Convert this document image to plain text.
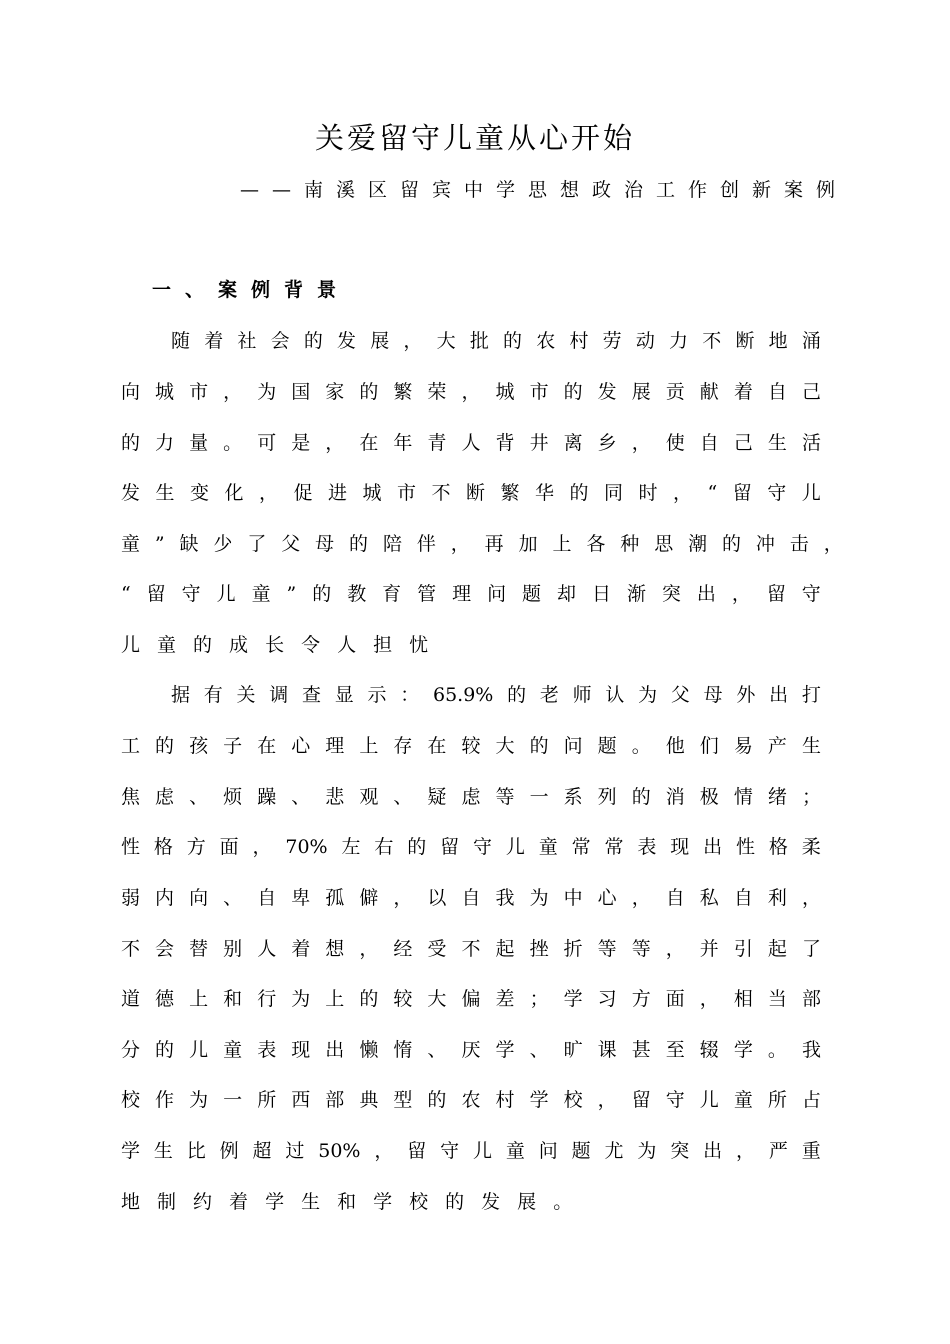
关爱留守儿童从心开始
——南溪区留宾中学思想政治工作创新案例
一、案例背景
随 着 社 会 的 发 展 ， 大 批 的 农 村 劳 动 力 不 断 地 涌
向 城 市 ， 为 国 家 的 繁 荣 ， 城 市 的 发 展 贡 献 着 自 己
的 力 量 。 可 是 ， 在 年 青 人 背 井 离 乡 ， 使 自 己 生 活
发 生 变 化 ， 促 进 城 市 不 断 繁 华 的 同 时 ， “ 留 守 儿
童 ” 缺 少 了 父 母 的 陪 伴 ， 再 加 上 各 种 思 潮 的 冲 击 ，
“ 留 守 儿 童 ” 的 教 育 管 理 问 题 却 日 渐 突 出 ， 留 守
儿 童 的 成 长 令 人 担 忧
据 有 关 调 查 显 示 ： 65.9% 的 老 师 认 为 父 母 外 出 打
工 的 孩 子 在 心 理 上 存 在 较 大 的 问 题 。 他 们 易 产 生
焦 虑 、 烦 躁 、 悲 观 、 疑 虑 等 一 系 列 的 消 极 情 绪 ；
性 格 方 面 ， 70% 左 右 的 留 守 儿 童 常 常 表 现 出 性 格 柔
弱 内 向 、 自 卑 孤 僻 ， 以 自 我 为 中 心 ， 自 私 自 利 ，
不 会 替 别 人 着 想 ， 经 受 不 起 挫 折 等 等 ， 并 引 起 了
道 德 上 和 行 为 上 的 较 大 偏 差 ； 学 习 方 面 ， 相 当 部
分 的 儿 童 表 现 出 懒 惰 、 厌 学 、 旷 课 甚 至 辍 学 。 我
校 作 为 一 所 西 部 典 型 的 农 村 学 校 ， 留 守 儿 童 所 占
学 生 比 例 超 过 50% ， 留 守 儿 童 问 题 尤 为 突 出 ， 严 重
地 制 约 着 学 生 和 学 校 的 发 展 。
